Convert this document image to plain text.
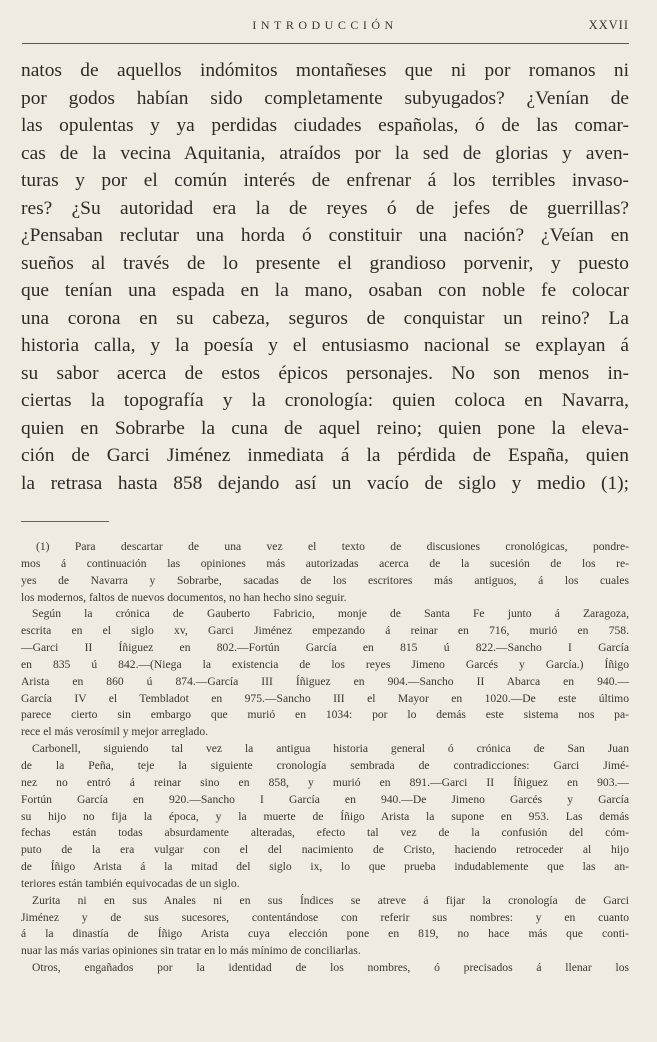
INTRODUCCIÓN	XXVII
natos de aquellos indómitos montañeses que ni por romanos ni
por godos habían sido completamente subyugados? ¿Venían de
las opulentas y ya perdidas ciudades españolas, ó de las comar-
cas de la vecina Aquitania, atraídos por la sed de glorias y aven-
turas y por el común interés de enfrenar á los terribles invaso-
res? ¿Su autoridad era la de reyes ó de jefes de guerrillas?
¿Pensaban reclutar una horda ó constituir una nación? ¿Veían en
sueños al través de lo presente el grandioso porvenir, y puesto
que tenían una espada en la mano, osaban con noble fe colocar
una corona en su cabeza, seguros de conquistar un reino? La
historia calla, y la poesía y el entusiasmo nacional se explayan á
su sabor acerca de estos épicos personajes. No son menos in-
ciertas la topografía y la cronología: quien coloca en Navarra,
quien en Sobrarbe la cuna de aquel reino; quien pone la eleva-
ción de Garci Jiménez inmediata á la pérdida de España, quien
la retrasa hasta 858 dejando así un vacío de siglo y medio (1);
(1) Para descartar de una vez el texto de discusiones cronológicas, pondre-
mos á continuación las opiniones más autorizadas acerca de la sucesión de los re-
yes de Navarra y Sobrarbe, sacadas de los escritores más antiguos, á los cuales
los modernos, faltos de nuevos documentos, no han hecho sino seguir.
Según la crónica de Gauberto Fabricio, monje de Santa Fe junto á Zaragoza,
escrita en el siglo xv, Garci Jiménez empezando á reinar en 716, murió en 758.
—Garci II Íñiguez en 802.—Fortún García en 815 ú 822.—Sancho I García
en 835 ú 842.—(Niega la existencia de los reyes Jimeno Garcés y García.) Íñigo
Arista en 860 ú 874.—García III Íñiguez en 904.—Sancho II Abarca en 940.—
García IV el Tembladot en 975.—Sancho III el Mayor en 1020.—De este último
parece cierto sin embargo que murió en 1034: por lo demás este sistema nos pa-
rece el más verosímil y mejor arreglado.
Carbonell, siguiendo tal vez la antigua historia general ó crónica de San Juan
de la Peña, teje la siguiente cronología sembrada de contradicciones: Garci Jimé-
nez no entró á reinar sino en 858, y murió en 891.—Garci II Íñiguez en 903.—
Fortún García en 920.—Sancho I García en 940.—De Jimeno Garcés y García
su hijo no fija la época, y la muerte de Íñigo Arista la supone en 953. Las demás
fechas están todas absurdamente alteradas, efecto tal vez de la confusión del cóm-
puto de la era vulgar con el del nacimiento de Cristo, haciendo retroceder al hijo
de Íñigo Arista á la mitad del siglo ix, lo que prueba indudablemente que las an-
teriores están también equivocadas de un siglo.
Zurita ni en sus Anales ni en sus Índices se atreve á fijar la cronología de Garci
Jiménez y de sus sucesores, contentándose con referir sus nombres: y en cuanto
á la dinastía de Íñigo Arista cuya elección pone en 819, no hace más que conti-
nuar las más varias opiniones sin tratar en lo más mínimo de conciliarlas.
Otros, engañados por la identidad de los nombres, ó precisados á llenar los
